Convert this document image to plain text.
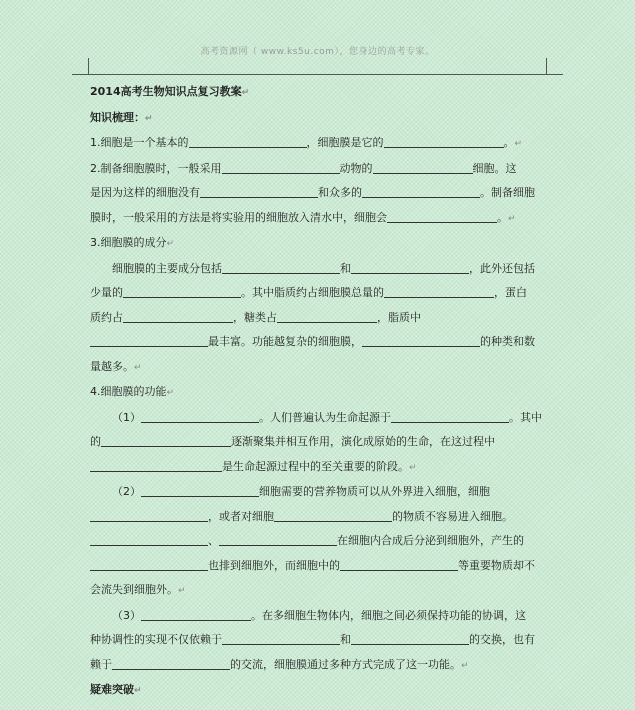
高考资源网（ www.ks5u.com），您身边的高考专家。

2014高考生物知识点复习教案↵

知识梳理：↵

1.细胞是一个基本的	，细胞膜是它的	。↵

2.制备细胞膜时，一般采用	动物的	细胞。这
是因为这样的细胞没有	和众多的	。制备细胞
膜时，一般采用的方法是将实验用的细胞放入清水中，细胞会	。↵

3.细胞膜的成分↵

细胞膜的主要成分包括	和	，此外还包括
少量的	。其中脂质约占细胞膜总量的	，蛋白
质约占	，糖类占	，脂质中
最丰富。功能越复杂的细胞膜，	的种类和数
量越多。↵

4.细胞膜的功能↵

（1）	。人们普遍认为生命起源于	。其中
的	逐渐聚集并相互作用，演化成原始的生命，在这过程中
是生命起源过程中的至关重要的阶段。↵

（2）	细胞需要的营养物质可以从外界进入细胞，细胞
，或者对细胞	的物质不容易进入细胞。
、	在细胞内合成后分泌到细胞外，产生的
也排到细胞外，而细胞中的	等重要物质却不
会流失到细胞外。↵

（3）	。在多细胞生物体内，细胞之间必须保持功能的协调，这
种协调性的实现不仅依赖于	和	的交换，也有
赖于	的交流，细胞膜通过多种方式完成了这一功能。↵

疑难突破↵
